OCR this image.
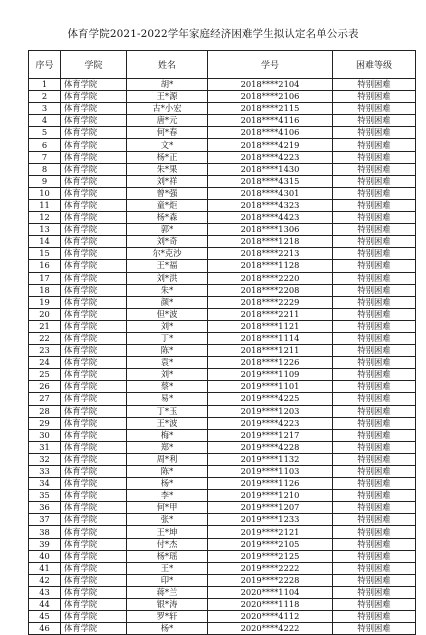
体育学院2021-2022学年家庭经济困难学生拟认定名单公示表
序号	学院	姓名	学号	困难等级
1	体育学院	胡*	2018****2104	特别困难
2	体育学院	王*源	2018****2106	特别困难
3	体育学院	古*小宏	2018****2115	特别困难
4	体育学院	唐*元	2018****4116	特别困难
5	体育学院	何*春	2018****4106	特别困难
6	体育学院	文*	2018****4219	特别困难
7	体育学院	杨*正	2018****4223	特别困难
8	体育学院	朱*果	2018****1430	特别困难
9	体育学院	刘*祥	2018****4315	特别困难
10	体育学院	曾*强	2018****4301	特别困难
11	体育学院	童*炬	2018****4323	特别困难
12	体育学院	杨*森	2018****4423	特别困难
13	体育学院	郭*	2018****1306	特别困难
14	体育学院	刘*奇	2018****1218	特别困难
15	体育学院	尔*克沙	2018****2213	特别困难
16	体育学院	王*福	2018****1128	特别困难
17	体育学院	刘*洪	2018****2220	特别困难
18	体育学院	朱*	2018****2208	特别困难
19	体育学院	颜*	2018****2229	特别困难
20	体育学院	但*波	2018****2211	特别困难
21	体育学院	刘*	2018****1121	特别困难
22	体育学院	丁*	2018****1114	特别困难
23	体育学院	陈*	2018****1211	特别困难
24	体育学院	袁*	2018****1226	特别困难
25	体育学院	刘*	2019****1109	特别困难
26	体育学院	蔡*	2019****1101	特别困难
27	体育学院	易*	2019****4225	特别困难
28	体育学院	丁*玉	2019****1203	特别困难
29	体育学院	王*波	2019****4223	特别困难
30	体育学院	梅*	2019****1217	特别困难
31	体育学院	郑*	2019****4228	特别困难
32	体育学院	周*利	2019****1132	特别困难
33	体育学院	陈*	2019****1103	特别困难
34	体育学院	杨*	2019****1126	特别困难
35	体育学院	李*	2019****1210	特别困难
36	体育学院	何*甲	2019****1207	特别困难
37	体育学院	张*	2019****1233	特别困难
38	体育学院	王*坤	2019****2121	特别困难
39	体育学院	付*杰	2019****2105	特别困难
40	体育学院	杨*瑶	2019****2125	特别困难
41	体育学院	王*	2019****2222	特别困难
42	体育学院	印*	2019****2228	特别困难
43	体育学院	蒋*兰	2020****1104	特别困难
44	体育学院	银*涛	2020****1118	特别困难
45	体育学院	罗*轩	2020****4112	特别困难
46	体育学院	杨*	2020****4222	特别困难
